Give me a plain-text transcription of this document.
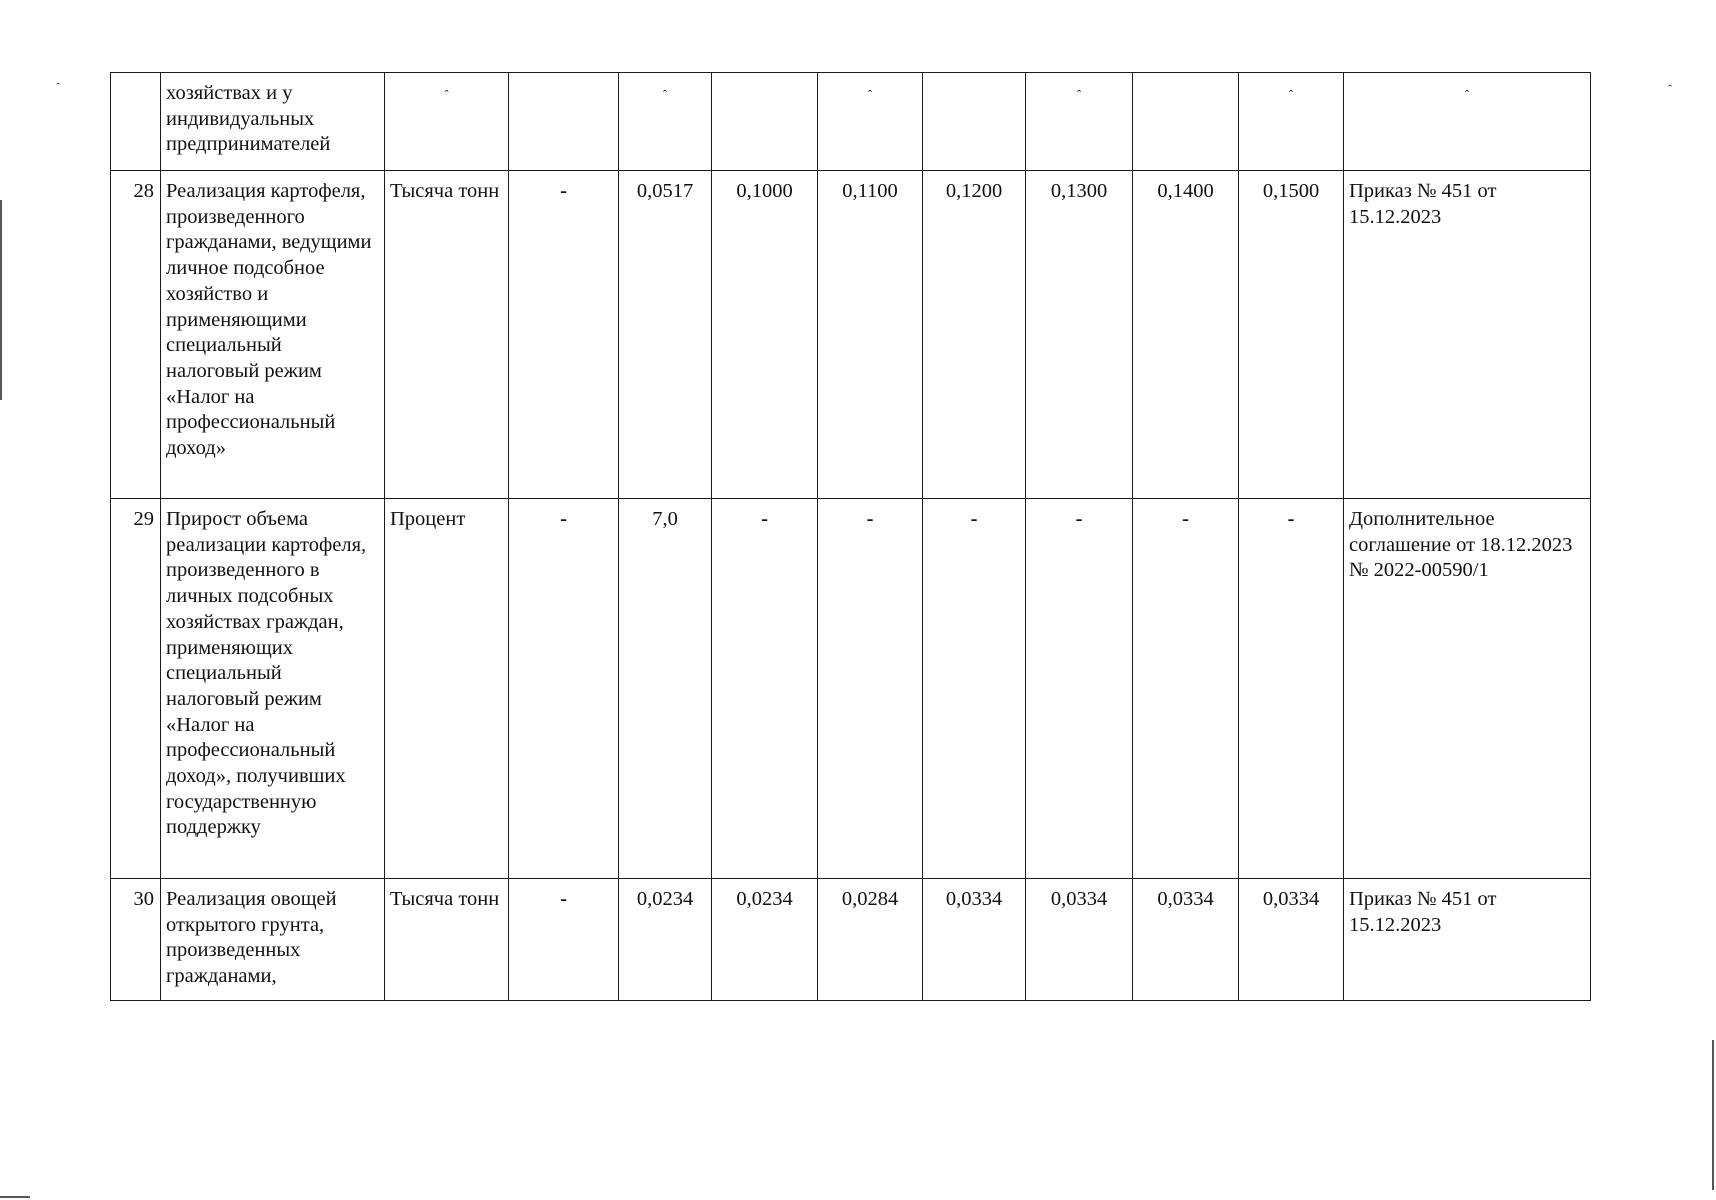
ˆ	ˆ
	хозяйствах и у индивидуальных предпринимателей	ˆ		ˆ		ˆ		ˆ		ˆ	ˆ
28	Реализация картофеля, произведенного гражданами, ведущими личное подсобное хозяйство и применяющими специальный налоговый режим «Налог на профессиональный доход»	Тысяча тонн	-	0,0517	0,1000	0,1100	0,1200	0,1300	0,1400	0,1500	Приказ № 451 от 15.12.2023
29	Прирост объема реализации картофеля, произведенного в личных подсобных хозяйствах граждан, применяющих специальный налоговый режим «Налог на профессиональный доход», получивших государственную поддержку	Процент	-	7,0	-	-	-	-	-	-	Дополнительное соглашение от 18.12.2023 № 2022-00590/1
30	Реализация овощей открытого грунта, произведенных гражданами,	Тысяча тонн	-	0,0234	0,0234	0,0284	0,0334	0,0334	0,0334	0,0334	Приказ № 451 от 15.12.2023
